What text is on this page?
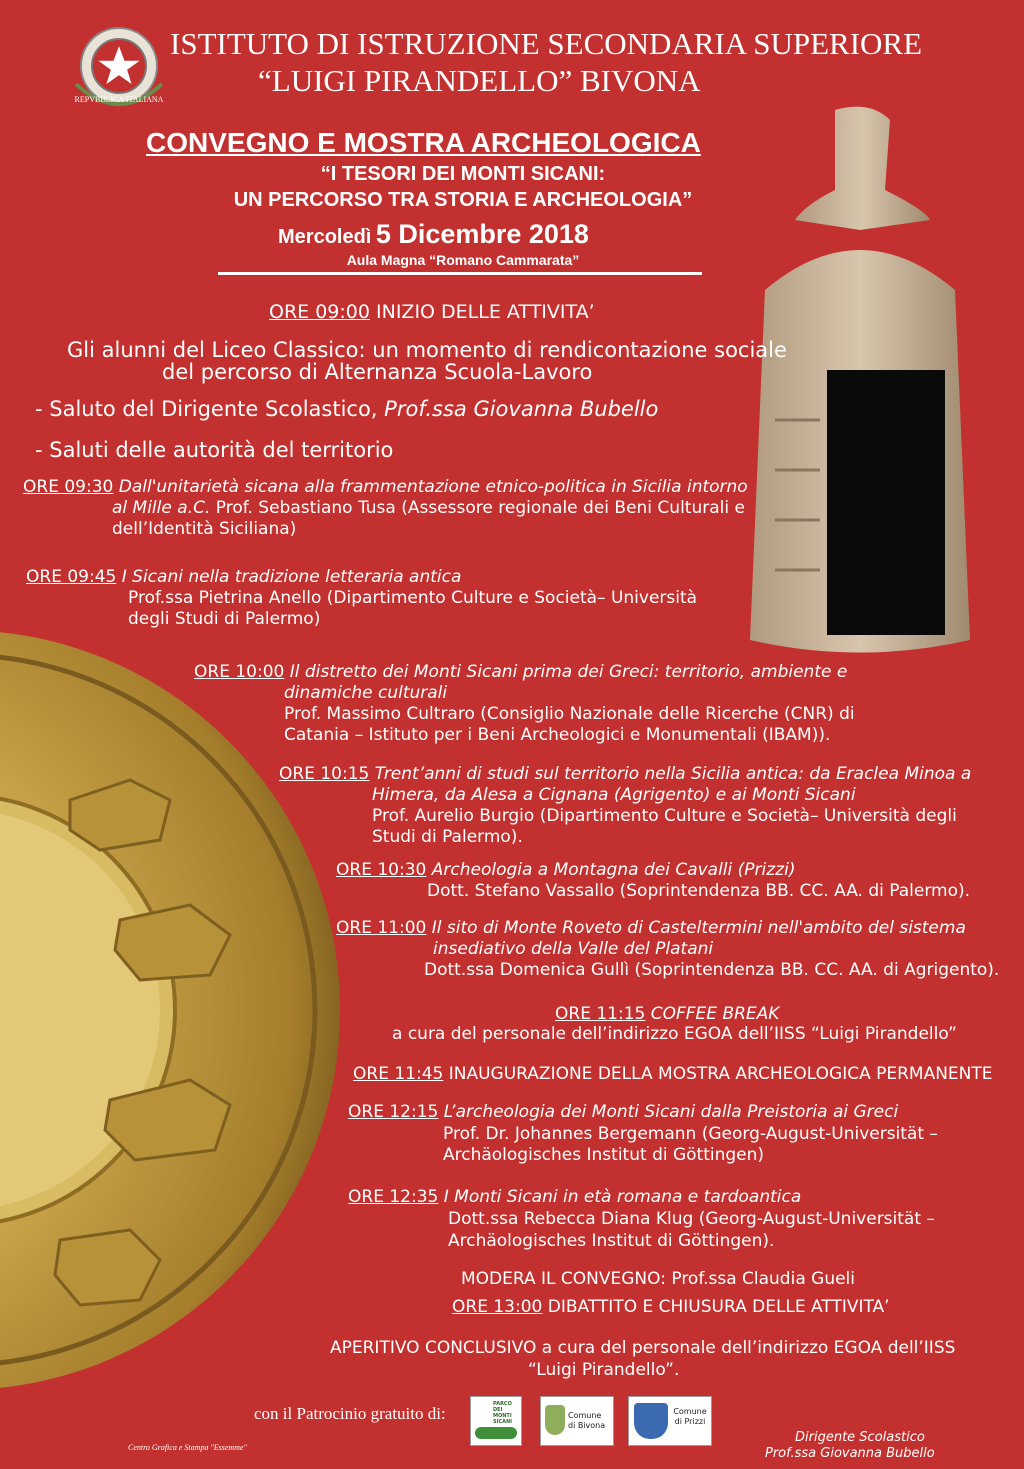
REPVBBLICA ITALIANA
ISTITUTO DI ISTRUZIONE SECONDARIA SUPERIORE
“LUIGI PIRANDELLO” BIVONA
CONVEGNO E MOSTRA ARCHEOLOGICA
“I TESORI DEI MONTI SICANI:
UN PERCORSO TRA STORIA E ARCHEOLOGIA”
Mercoledì 5 Dicembre 2018
Aula Magna “Romano Cammarata”
ORE 09:00 INIZIO DELLE ATTIVITA’
Gli alunni del Liceo Classico: un momento di rendicontazione sociale
del percorso di Alternanza Scuola-Lavoro
- Saluto del Dirigente Scolastico, Prof.ssa Giovanna Bubello
- Saluti delle autorità del territorio
ORE 09:30 Dall'unitarietà sicana alla frammentazione etnico-politica in Sicilia intorno
al Mille a.C. Prof. Sebastiano Tusa (Assessore regionale dei Beni Culturali e
dell’Identità Siciliana)
ORE 09:45 I Sicani nella tradizione letteraria antica
Prof.ssa Pietrina Anello (Dipartimento Culture e Società– Università
degli Studi di Palermo)
ORE 10:00 Il distretto dei Monti Sicani prima dei Greci: territorio, ambiente e
dinamiche culturali
Prof. Massimo Cultraro (Consiglio Nazionale delle Ricerche (CNR) di
Catania – Istituto per i Beni Archeologici e Monumentali (IBAM)).
ORE 10:15 Trent’anni di studi sul territorio nella Sicilia antica: da Eraclea Minoa a
Himera, da Alesa a Cignana (Agrigento) e ai Monti Sicani
Prof. Aurelio Burgio (Dipartimento Culture e Società– Università degli
Studi di Palermo).
ORE 10:30 Archeologia a Montagna dei Cavalli (Prizzi)
Dott. Stefano Vassallo (Soprintendenza BB. CC. AA. di Palermo).
ORE 11:00 Il sito di Monte Roveto di Casteltermini nell'ambito del sistema
insediativo della Valle del Platani
Dott.ssa Domenica Gullì (Soprintendenza BB. CC. AA. di Agrigento).
ORE 11:15 COFFEE BREAK
a cura del personale dell’indirizzo EGOA dell’IISS “Luigi Pirandello”
ORE 11:45 INAUGURAZIONE DELLA MOSTRA ARCHEOLOGICA PERMANENTE
ORE 12:15 L’archeologia dei Monti Sicani dalla Preistoria ai Greci
Prof. Dr. Johannes Bergemann (Georg-August-Universität –
Archäologisches Institut di Göttingen)
ORE 12:35 I Monti Sicani in età romana e tardoantica
Dott.ssa Rebecca Diana Klug (Georg-August-Universität –
Archäologisches Institut di Göttingen).
MODERA IL CONVEGNO: Prof.ssa Claudia Gueli
ORE 13:00 DIBATTITO E CHIUSURA DELLE ATTIVITA’
APERITIVO CONCLUSIVO a cura del personale dell’indirizzo EGOA dell’IISS
“Luigi Pirandello”.
con il Patrocinio gratuito di:	PARCO DEI MONTI SICANI
Comune di Bivona
Comune di Prizzi
Centro Grafica e Stampa "Essemme"
Dirigente Scolastico
Prof.ssa Giovanna Bubello
